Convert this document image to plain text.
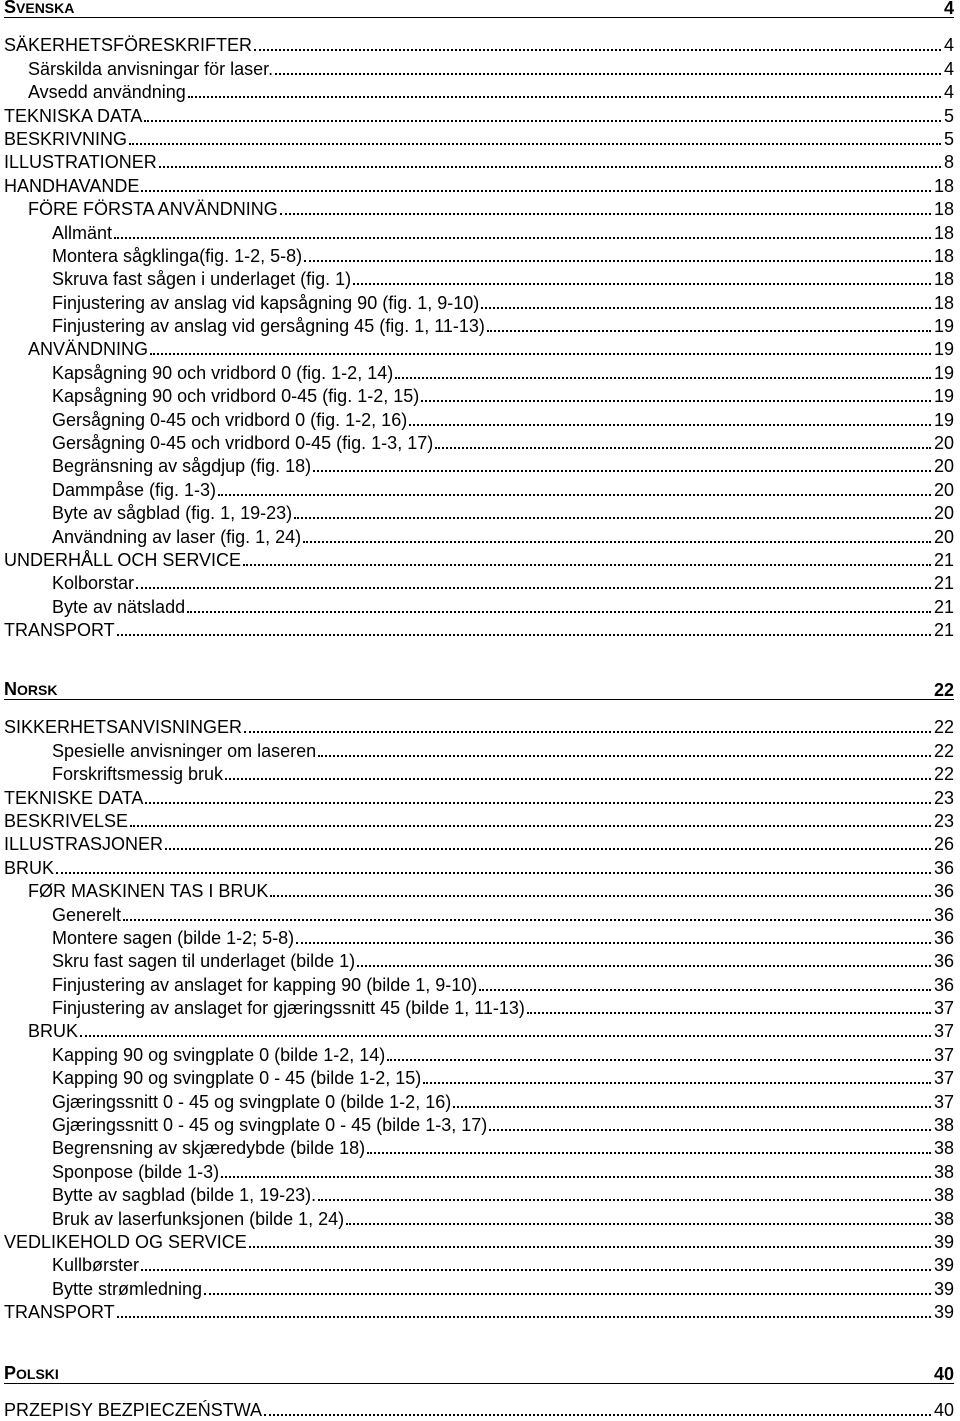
SVENSKA	4
SÄKERHETSFÖRESKRIFTER	4
Särskilda anvisningar för laser.	4
Avsedd användning	4
TEKNISKA DATA	5
BESKRIVNING	5
ILLUSTRATIONER	8
HANDHAVANDE	18
FÖRE FÖRSTA ANVÄNDNING	18
Allmänt	18
Montera sågklinga(fig. 1-2, 5-8)	18
Skruva fast sågen i underlaget (fig. 1)	18
Finjustering av anslag vid kapsågning 90 (fig. 1, 9-10)	18
Finjustering av anslag vid gersågning 45 (fig. 1, 11-13)	19
ANVÄNDNING	19
Kapsågning 90 och vridbord 0 (fig. 1-2, 14)	19
Kapsågning 90 och vridbord 0-45 (fig. 1-2, 15)	19
Gersågning 0-45 och vridbord 0 (fig. 1-2, 16)	19
Gersågning 0-45 och vridbord 0-45 (fig. 1-3, 17)	20
Begränsning av sågdjup (fig. 18)	20
Dammpåse (fig. 1-3)	20
Byte av sågblad (fig. 1, 19-23)	20
Användning av laser (fig. 1, 24)	20
UNDERHÅLL OCH SERVICE	21
Kolborstar	21
Byte av nätsladd	21
TRANSPORT	21
NORSK	22
SIKKERHETSANVISNINGER	22
Spesielle anvisninger om laseren	22
Forskriftsmessig bruk	22
TEKNISKE DATA	23
BESKRIVELSE	23
ILLUSTRASJONER	26
BRUK	36
FØR MASKINEN TAS I BRUK	36
Generelt	36
Montere sagen (bilde 1-2; 5-8)	36
Skru fast sagen til underlaget (bilde 1)	36
Finjustering av anslaget for kapping 90 (bilde 1, 9-10)	36
Finjustering av anslaget for gjæringssnitt 45 (bilde 1, 11-13)	37
BRUK	37
Kapping 90 og svingplate 0 (bilde 1-2, 14)	37
Kapping 90 og svingplate 0 - 45 (bilde 1-2, 15)	37
Gjæringssnitt 0 - 45 og svingplate 0 (bilde 1-2, 16)	37
Gjæringssnitt 0 - 45 og svingplate 0 - 45 (bilde 1-3, 17)	38
Begrensning av skjæredybde (bilde 18)	38
Sponpose (bilde 1-3)	38
Bytte av sagblad (bilde 1, 19-23).	38
Bruk av laserfunksjonen (bilde 1, 24)	38
VEDLIKEHOLD OG SERVICE	39
Kullbørster	39
Bytte strømledning	39
TRANSPORT	39
POLSKI	40
PRZEPISY BEZPIECZEŃSTWA	40
